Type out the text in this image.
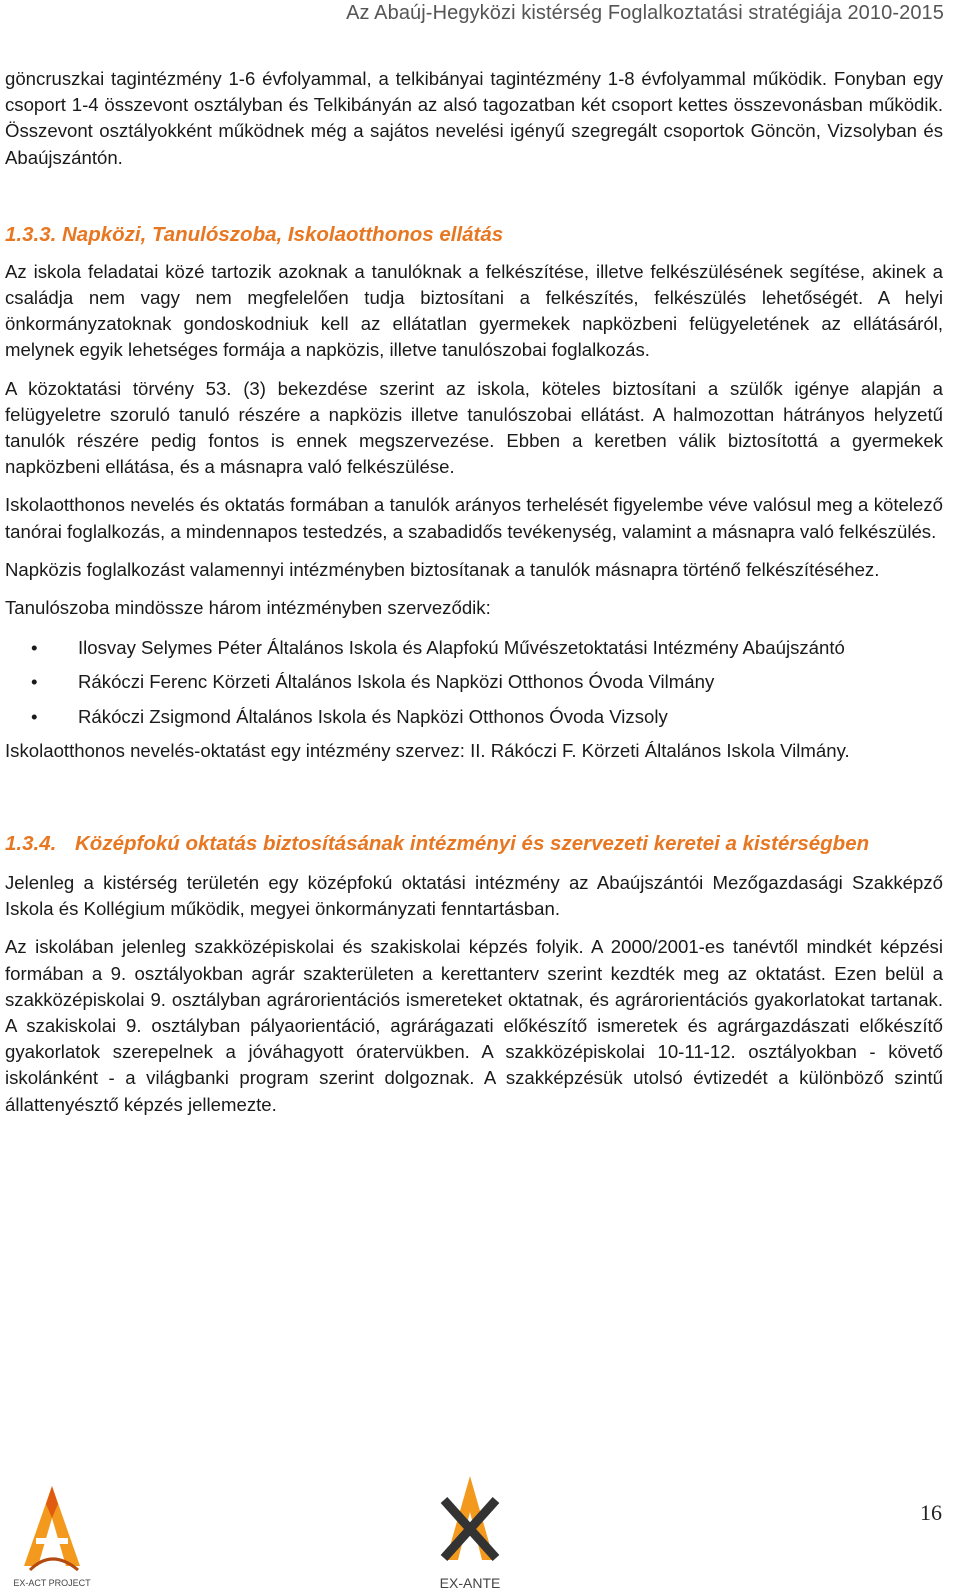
Az Abaúj-Hegyközi kistérség Foglalkoztatási stratégiája 2010-2015

göncruszkai tagintézmény 1-6 évfolyammal, a telkibányai tagintézmény 1-8 évfolyammal működik. Fonyban egy csoport 1-4 összevont osztályban és Telkibányán az alsó tagozatban két csoport kettes összevonásban működik. Összevont osztályokként működnek még a sajátos nevelési igényű szegregált csoportok Göncön, Vizsolyban és Abaújszántón.

1.3.3. Napközi, Tanulószoba, Iskolaotthonos ellátás

Az iskola feladatai közé tartozik azoknak a tanulóknak a felkészítése, illetve felkészülésének segítése, akinek a családja nem vagy nem megfelelően tudja biztosítani a felkészítés, felkészülés lehetőségét. A helyi önkormányzatoknak gondoskodniuk kell az ellátatlan gyermekek napközbeni felügyeletének az ellátásáról, melynek egyik lehetséges formája a napközis, illetve tanulószobai foglalkozás.

A közoktatási törvény 53. (3) bekezdése szerint az iskola, köteles biztosítani a szülők igénye alapján a felügyeletre szoruló tanuló részére a napközis illetve tanulószobai ellátást. A halmozottan hátrányos helyzetű tanulók részére pedig fontos is ennek megszervezése. Ebben a keretben válik biztosítottá a gyermekek napközbeni ellátása, és a másnapra való felkészülése.

Iskolaotthonos nevelés és oktatás formában a tanulók arányos terhelését figyelembe véve valósul meg a kötelező tanórai foglalkozás, a mindennapos testedzés, a szabadidős tevékenység, valamint a másnapra való felkészülés.

Napközis foglalkozást valamennyi intézményben biztosítanak a tanulók másnapra történő felkészítéséhez.

Tanulószoba mindössze három intézményben szerveződik:

• Ilosvay Selymes Péter Általános Iskola és Alapfokú Művészetoktatási Intézmény Abaújszántó
• Rákóczi Ferenc Körzeti Általános Iskola és Napközi Otthonos Óvoda Vilmány
• Rákóczi Zsigmond Általános Iskola és Napközi Otthonos Óvoda Vizsoly

Iskolaotthonos nevelés-oktatást egy intézmény szervez: II. Rákóczi F. Körzeti Általános Iskola Vilmány.

1.3.4. Középfokú oktatás biztosításának intézményi és szervezeti keretei a kistérségben

Jelenleg a kistérség területén egy középfokú oktatási intézmény az Abaújszántói Mezőgazdasági Szakképző Iskola és Kollégium működik, megyei önkormányzati fenntartásban.

Az iskolában jelenleg szakközépiskolai és szakiskolai képzés folyik. A 2000/2001-es tanévtől mindkét képzési formában a 9. osztályokban agrár szakterületen a kerettanterv szerint kezdték meg az oktatást. Ezen belül a szakközépiskolai 9. osztályban agrárorientációs ismereteket oktatnak, és agrárorientációs gyakorlatokat tartanak. A szakiskolai 9. osztályban pályaorientáció, agrárágazati előkészítő ismeretek és agrárgazdászati előkészítő gyakorlatok szerepelnek a jóváhagyott óratervükben. A szakközépiskolai 10-11-12. osztályokban - követő iskolánként - a világbanki program szerint dolgoznak. A szakképzésük utolsó évtizedét a különböző szintű állattenyésztő képzés jellemezte.

EX-ACT PROJECT	EX-ANTE
16
